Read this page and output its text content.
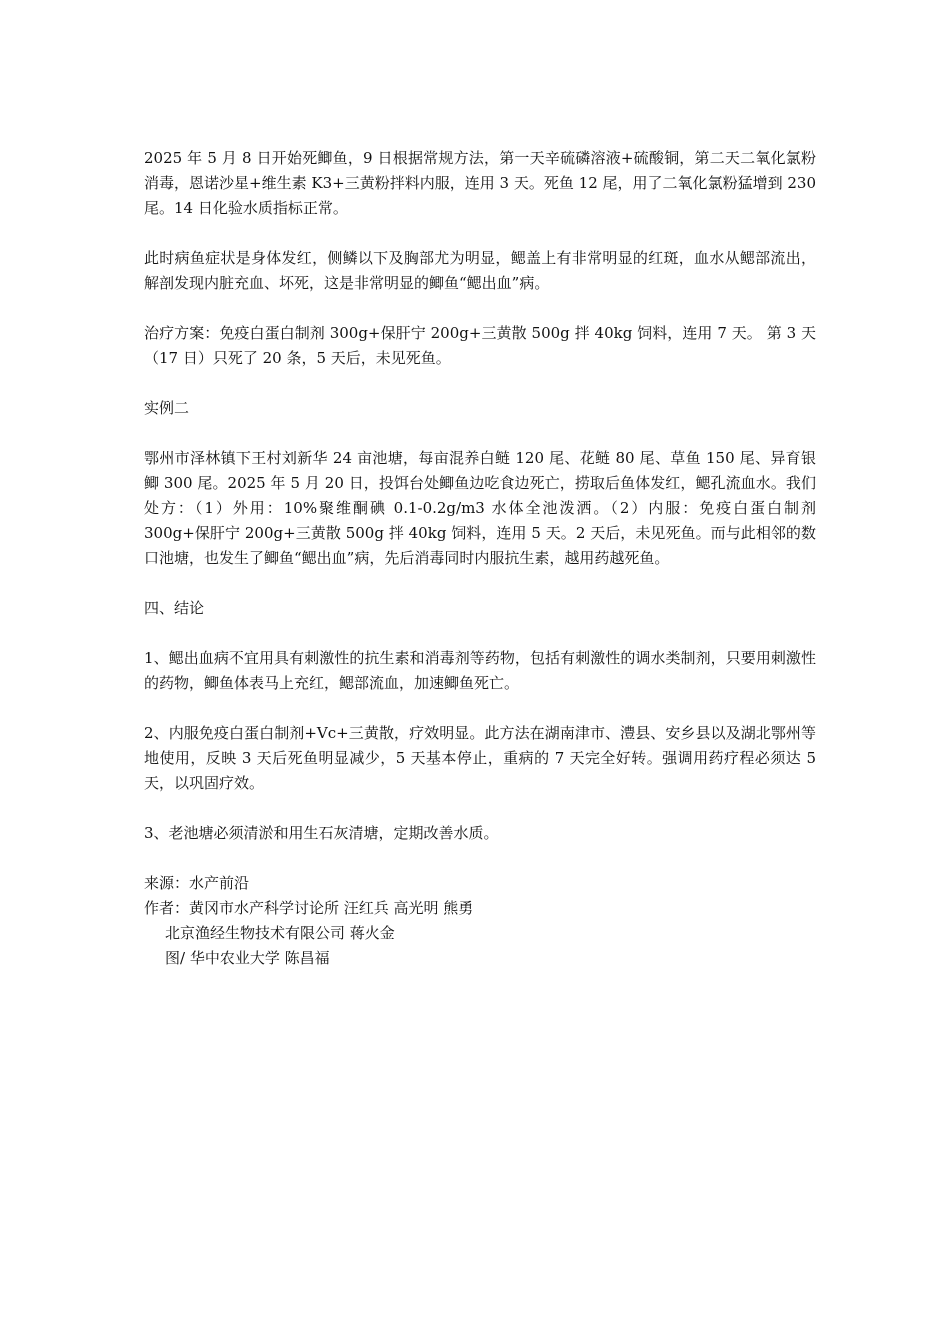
2025 年 5 月 8 日开始死鲫鱼，9 日根据常规方法，第一天辛硫磷溶液+硫酸铜，第二天二氧化氯粉消毒，恩诺沙星+维生素 K3+三黄粉拌料内服，连用 3 天。死鱼 12 尾，用了二氧化氯粉猛增到 230 尾。14 日化验水质指标正常。

此时病鱼症状是身体发红，侧鳞以下及胸部尤为明显，鳃盖上有非常明显的红斑，血水从鳃部流出，解剖发现内脏充血、坏死，这是非常明显的鲫鱼“鳃出血”病。

治疗方案：免疫白蛋白制剂 300g+保肝宁 200g+三黄散 500g 拌 40kg 饲料，连用 7 天。 第 3 天（17 日）只死了 20 条，5 天后，未见死鱼。

实例二

鄂州市泽林镇下王村刘新华 24 亩池塘，每亩混养白鲢 120 尾、花鲢 80 尾、草鱼 150 尾、异育银鲫 300 尾。2025 年 5 月 20 日，投饵台处鲫鱼边吃食边死亡，捞取后鱼体发红，鳃孔流血水。我们处方：（1）外用：10%聚维酮碘 0.1-0.2g/m3 水体全池泼洒。（2）内服：免疫白蛋白制剂 300g+保肝宁 200g+三黄散 500g 拌 40kg 饲料，连用 5 天。2 天后，未见死鱼。而与此相邻的数口池塘，也发生了鲫鱼“鳃出血”病，先后消毒同时内服抗生素，越用药越死鱼。

四、结论

1、鳃出血病不宜用具有刺激性的抗生素和消毒剂等药物，包括有刺激性的调水类制剂，只要用刺激性的药物，鲫鱼体表马上充红，鳃部流血，加速鲫鱼死亡。

2、内服免疫白蛋白制剂+Vc+三黄散，疗效明显。此方法在湖南津市、澧县、安乡县以及湖北鄂州等地使用，反映 3 天后死鱼明显减少，5 天基本停止，重病的 7 天完全好转。强调用药疗程必须达 5 天，以巩固疗效。

3、老池塘必须清淤和用生石灰清塘，定期改善水质。

来源：水产前沿
作者：黄冈市水产科学讨论所 汪红兵 高光明 熊勇
北京渔经生物技术有限公司 蒋火金
图/ 华中农业大学 陈昌福
